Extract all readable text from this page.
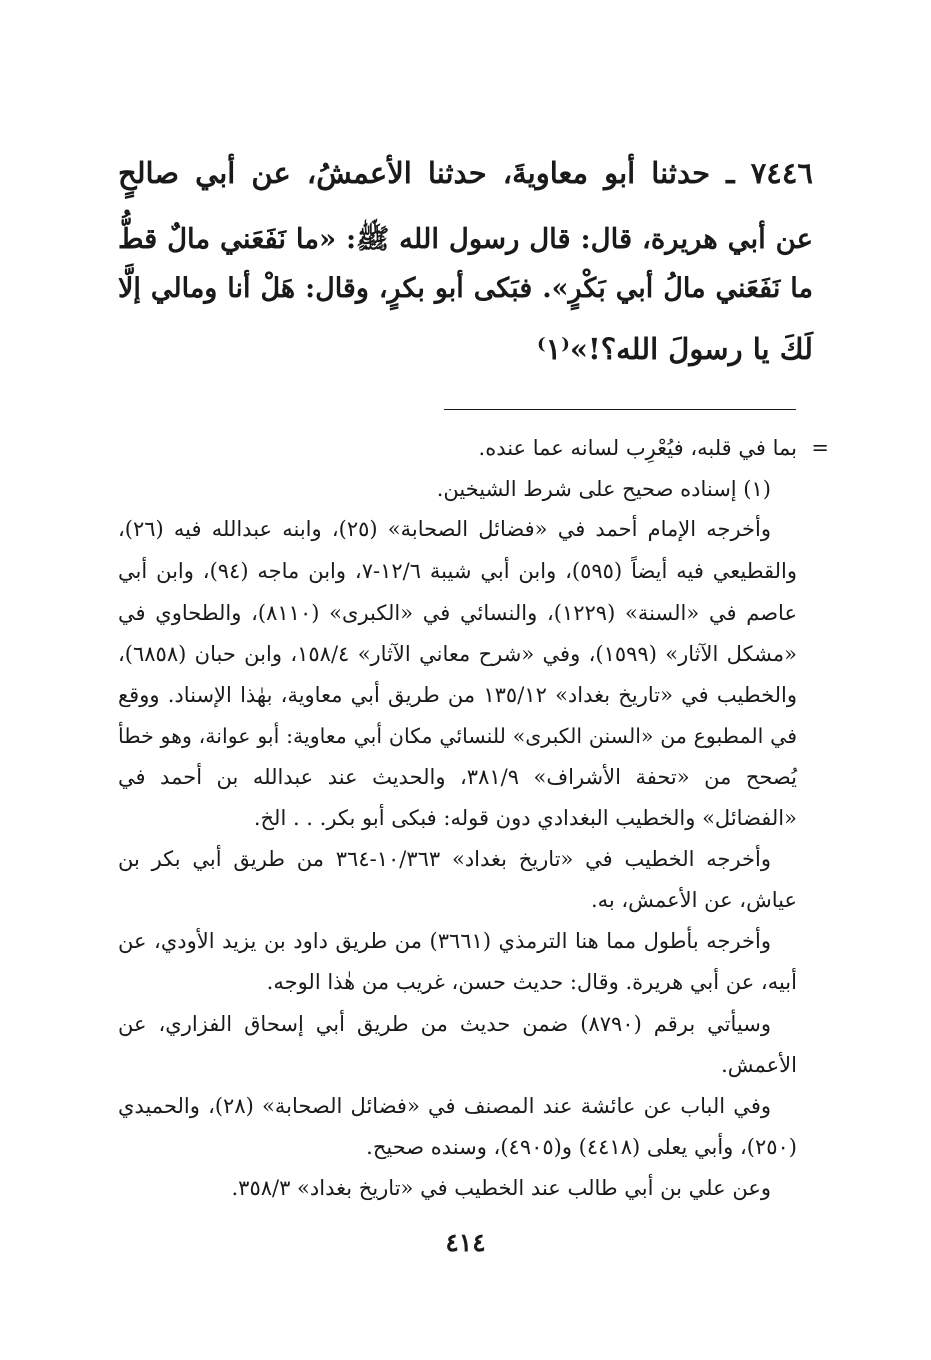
٧٤٤٦ ـ حدثنا أبو معاويةَ، حدثنا الأعمشُ، عن أبي صالحٍ
عن أبي هريرة، قال: قال رسول الله ﷺ: «ما نَفَعَني مالٌ قطُّ
ما نَفَعَني مالُ أبي بَكْرٍ». فبَكى أبو بكرٍ، وقال: هَلْ أنا ومالي إلَّا
لَكَ يا رسولَ الله؟!»⁽١⁾
=
بما في قلبه، فيُعْرِب لسانه عما عنده.
(١) إسناده صحيح على شرط الشيخين.
وأخرجه الإمام أحمد في «فضائل الصحابة» (٢٥)، وابنه عبدالله فيه (٢٦)،
والقطيعي فيه أيضاً (٥٩٥)، وابن أبي شيبة ١٢/٦-٧، وابن ماجه (٩٤)، وابن أبي
عاصم في «السنة» (١٢٢٩)، والنسائي في «الكبرى» (٨١١٠)، والطحاوي في
«مشكل الآثار» (١٥٩٩)، وفي «شرح معاني الآثار» ١٥٨/٤، وابن حبان (٦٨٥٨)،
والخطيب في «تاريخ بغداد» ١٣٥/١٢ من طريق أبي معاوية، بهٰذا الإسناد. ووقع
في المطبوع من «السنن الكبرى» للنسائي مكان أبي معاوية: أبو عوانة، وهو خطأ
يُصحح من «تحفة الأشراف» ٣٨١/٩، والحديث عند عبدالله بن أحمد في
«الفضائل» والخطيب البغدادي دون قوله: فبكى أبو بكر. . . الخ.
وأخرجه الخطيب في «تاريخ بغداد» ١٠/٣٦٣-٣٦٤ من طريق أبي بكر بن
عياش، عن الأعمش، به.
وأخرجه بأطول مما هنا الترمذي (٣٦٦١) من طريق داود بن يزيد الأودي، عن
أبيه، عن أبي هريرة. وقال: حديث حسن، غريب من هٰذا الوجه.
وسيأتي برقم (٨٧٩٠) ضمن حديث من طريق أبي إسحاق الفزاري، عن
الأعمش.
وفي الباب عن عائشة عند المصنف في «فضائل الصحابة» (٢٨)، والحميدي
(٢٥٠)، وأبي يعلى (٤٤١٨) و(٤٩٠٥)، وسنده صحيح.
وعن علي بن أبي طالب عند الخطيب في «تاريخ بغداد» ٣٥٨/٣.
٤١٤
